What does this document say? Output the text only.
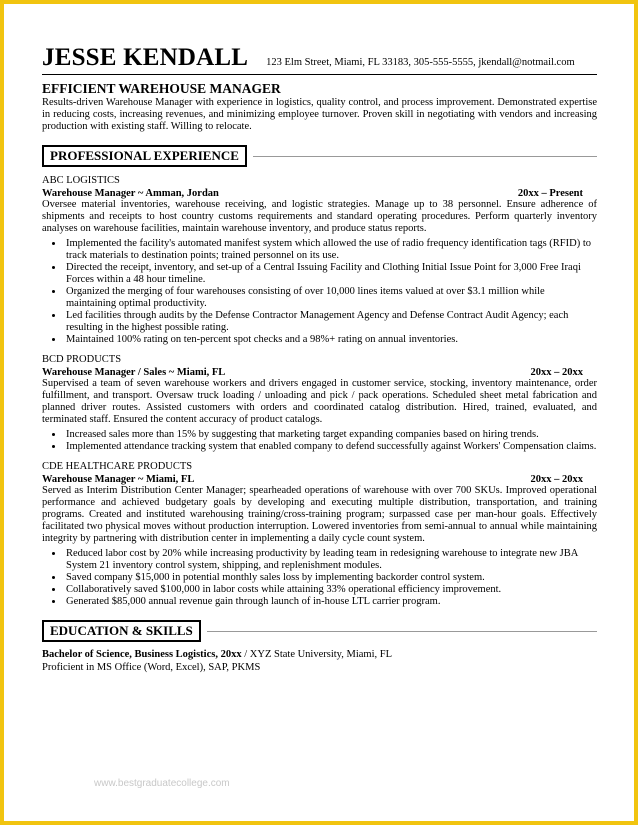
JESSE KENDALL 123 Elm Street, Miami, FL 33183, 305-555-5555, jkendall@notmail.com
EFFICIENT WAREHOUSE MANAGER
Results-driven Warehouse Manager with experience in logistics, quality control, and process improvement. Demonstrated expertise in reducing costs, increasing revenues, and minimizing employee turnover. Proven skill in negotiating with vendors and increasing production with existing staff. Willing to relocate.
PROFESSIONAL EXPERIENCE
ABC LOGISTICS
Warehouse Manager ~ Amman, Jordan	20xx – Present
Oversee material inventories, warehouse receiving, and logistic strategies. Manage up to 38 personnel. Ensure adherence of shipments and receipts to host country customs requirements and standard operating procedures. Perform quarterly inventory analyses on warehouse facilities, maintain warehouse inventory, and produce status reports.
• Implemented the facility's automated manifest system which allowed the use of radio frequency identification tags (RFID) to track materials to destination points; trained personnel on its use.
• Directed the receipt, inventory, and set-up of a Central Issuing Facility and Clothing Initial Issue Point for 3,000 Free Iraqi Forces within a 48 hour timeline.
• Organized the merging of four warehouses consisting of over 10,000 lines items valued at over $3.1 million while maintaining optimal productivity.
• Led facilities through audits by the Defense Contractor Management Agency and Defense Contract Audit Agency; each resulting in the highest possible rating.
• Maintained 100% rating on ten-percent spot checks and a 98%+ rating on annual inventories.
BCD PRODUCTS
Warehouse Manager / Sales ~ Miami, FL	20xx – 20xx
Supervised a team of seven warehouse workers and drivers engaged in customer service, stocking, inventory maintenance, order fulfillment, and transport. Oversaw truck loading / unloading and pick / pack operations. Scheduled sheet metal fabrication and planned driver routes. Assisted customers with orders and coordinated catalog distribution. Hired, trained, evaluated, and terminated staff. Ensured the content accuracy of product catalogs.
• Increased sales more than 15% by suggesting that marketing target expanding companies based on hiring trends.
• Implemented attendance tracking system that enabled company to defend successfully against Workers' Compensation claims.
CDE HEALTHCARE PRODUCTS
Warehouse Manager ~ Miami, FL	20xx – 20xx
Served as Interim Distribution Center Manager; spearheaded operations of warehouse with over 700 SKUs. Improved operational performance and achieved budgetary goals by developing and executing multiple distribution, transportation, and training programs. Created and instituted warehousing training/cross-training program; surpassed case per man-hour goals. Effectively facilitated two physical moves without production interruption. Lowered inventories from semi-annual to annual while maintaining integrity by partnering with distribution center in implementing a daily cycle count system.
• Reduced labor cost by 20% while increasing productivity by leading team in redesigning warehouse to integrate new JBA System 21 inventory control system, shipping, and replenishment modules.
• Saved company $15,000 in potential monthly sales loss by implementing backorder control system.
• Collaboratively saved $100,000 in labor costs while attaining 33% operational efficiency improvement.
• Generated $85,000 annual revenue gain through launch of in-house LTL carrier program.
EDUCATION & SKILLS
Bachelor of Science, Business Logistics, 20xx / XYZ State University, Miami, FL
Proficient in MS Office (Word, Excel), SAP, PKMS
www.bestgraduatecollege.com
